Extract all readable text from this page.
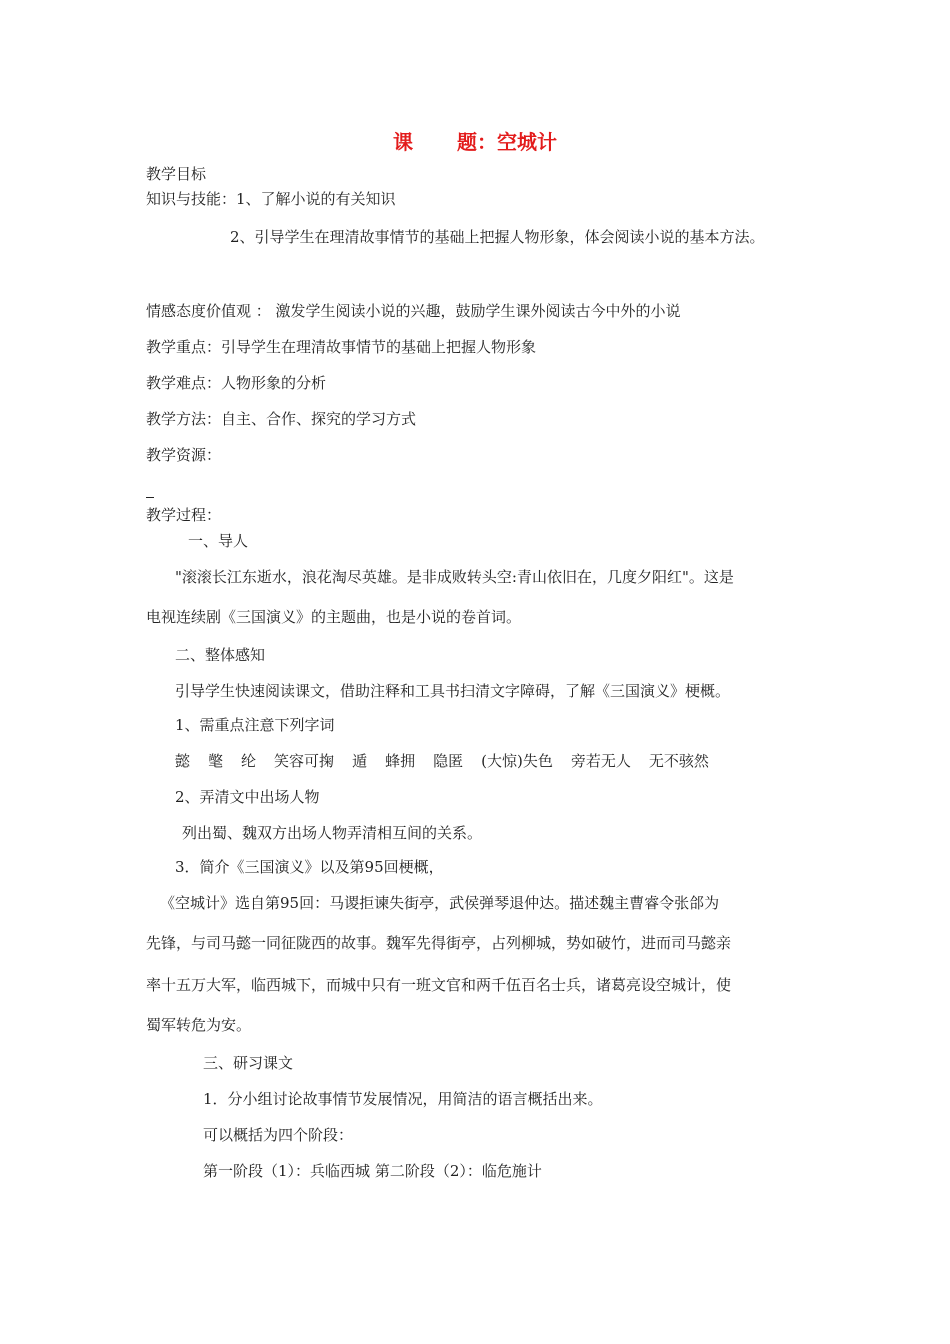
课 题：空城计
教学目标
知识与技能：1、了解小说的有关知识
2、引导学生在理清故事情节的基础上把握人物形象，体会阅读小说的基本方法。
情感态度价值观 ： 激发学生阅读小说的兴趣，鼓励学生课外阅读古今中外的小说
教学重点：引导学生在理清故事情节的基础上把握人物形象
教学难点：人物形象的分析
教学方法：自主、合作、探究的学习方式
教学资源：
教学过程：
一、导人
"滚滚长江东逝水，浪花淘尽英雄。是非成败转头空:青山依旧在，几度夕阳红"。这是
电视连续剧《三国演义》的主题曲，也是小说的卷首词。
二、整体感知
引导学生快速阅读课文，借助注释和工具书扫清文字障碍，了解《三国演义》梗概。
1、需重点注意下列字词
懿 氅 纶 笑容可掬 遁 蜂拥 隐匿 (大惊)失色 旁若无人 无不骇然
2、弄清文中出场人物
列出蜀、魏双方出场人物弄清相互间的关系。
3．简介《三国演义》以及第95回梗概，
《空城计》选自第95回：马谡拒谏失街亭，武侯弹琴退仲达。描述魏主曹睿令张郃为
先锋，与司马懿一同征陇西的故事。魏军先得街亭，占列柳城，势如破竹，进而司马懿亲
率十五万大军，临西城下，而城中只有一班文官和两千伍百名士兵，诸葛亮设空城计，使
蜀军转危为安。
三、研习课文
1．分小组讨论故事情节发展情况，用简洁的语言概括出来。
可以概括为四个阶段：
第一阶段（1）：兵临西城 第二阶段（2）：临危施计
